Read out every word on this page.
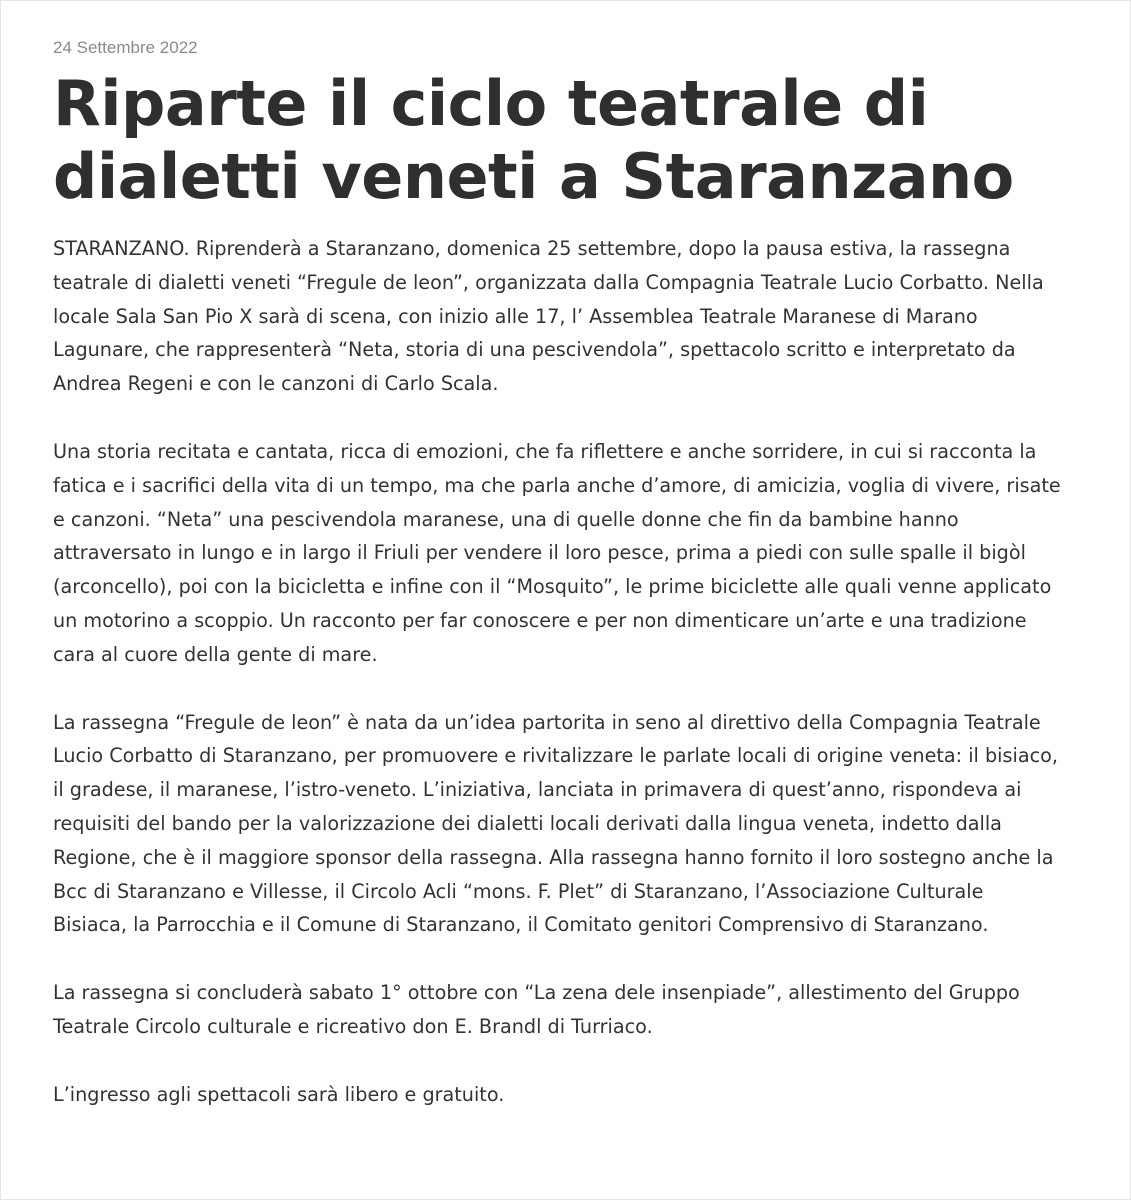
24 Settembre 2022

Riparte il ciclo teatrale di dialetti veneti a Staranzano

STARANZANO. Riprenderà a Staranzano, domenica 25 settembre, dopo la pausa estiva, la rassegna teatrale di dialetti veneti “Fregule de leon”, organizzata dalla Compagnia Teatrale Lucio Corbatto. Nella locale Sala San Pio X sarà di scena, con inizio alle 17, l’ Assemblea Teatrale Maranese di Marano Lagunare, che rappresenterà “Neta, storia di una pescivendola”, spettacolo scritto e interpretato da Andrea Regeni e con le canzoni di Carlo Scala.

Una storia recitata e cantata, ricca di emozioni, che fa riflettere e anche sorridere, in cui si racconta la fatica e i sacrifici della vita di un tempo, ma che parla anche d’amore, di amicizia, voglia di vivere, risate e canzoni. “Neta” una pescivendola maranese, una di quelle donne che fin da bambine hanno attraversato in lungo e in largo il Friuli per vendere il loro pesce, prima a piedi con sulle spalle il bigòl (arconcello), poi con la bicicletta e infine con il “Mosquito”, le prime biciclette alle quali venne applicato un motorino a scoppio. Un racconto per far conoscere e per non dimenticare un’arte e una tradizione cara al cuore della gente di mare.

La rassegna “Fregule de leon” è nata da un’idea partorita in seno al direttivo della Compagnia Teatrale Lucio Corbatto di Staranzano, per promuovere e rivitalizzare le parlate locali di origine veneta: il bisiaco, il gradese, il maranese, l’istro-veneto. L’iniziativa, lanciata in primavera di quest’anno, rispondeva ai requisiti del bando per la valorizzazione dei dialetti locali derivati dalla lingua veneta, indetto dalla Regione, che è il maggiore sponsor della rassegna. Alla rassegna hanno fornito il loro sostegno anche la Bcc di Staranzano e Villesse, il Circolo Acli “mons. F. Plet” di Staranzano, l’Associazione Culturale Bisiaca, la Parrocchia e il Comune di Staranzano, il Comitato genitori Comprensivo di Staranzano.

La rassegna si concluderà sabato 1° ottobre con “La zena dele insenpiade”, allestimento del Gruppo Teatrale Circolo culturale e ricreativo don E. Brandl di Turriaco.

L’ingresso agli spettacoli sarà libero e gratuito.
